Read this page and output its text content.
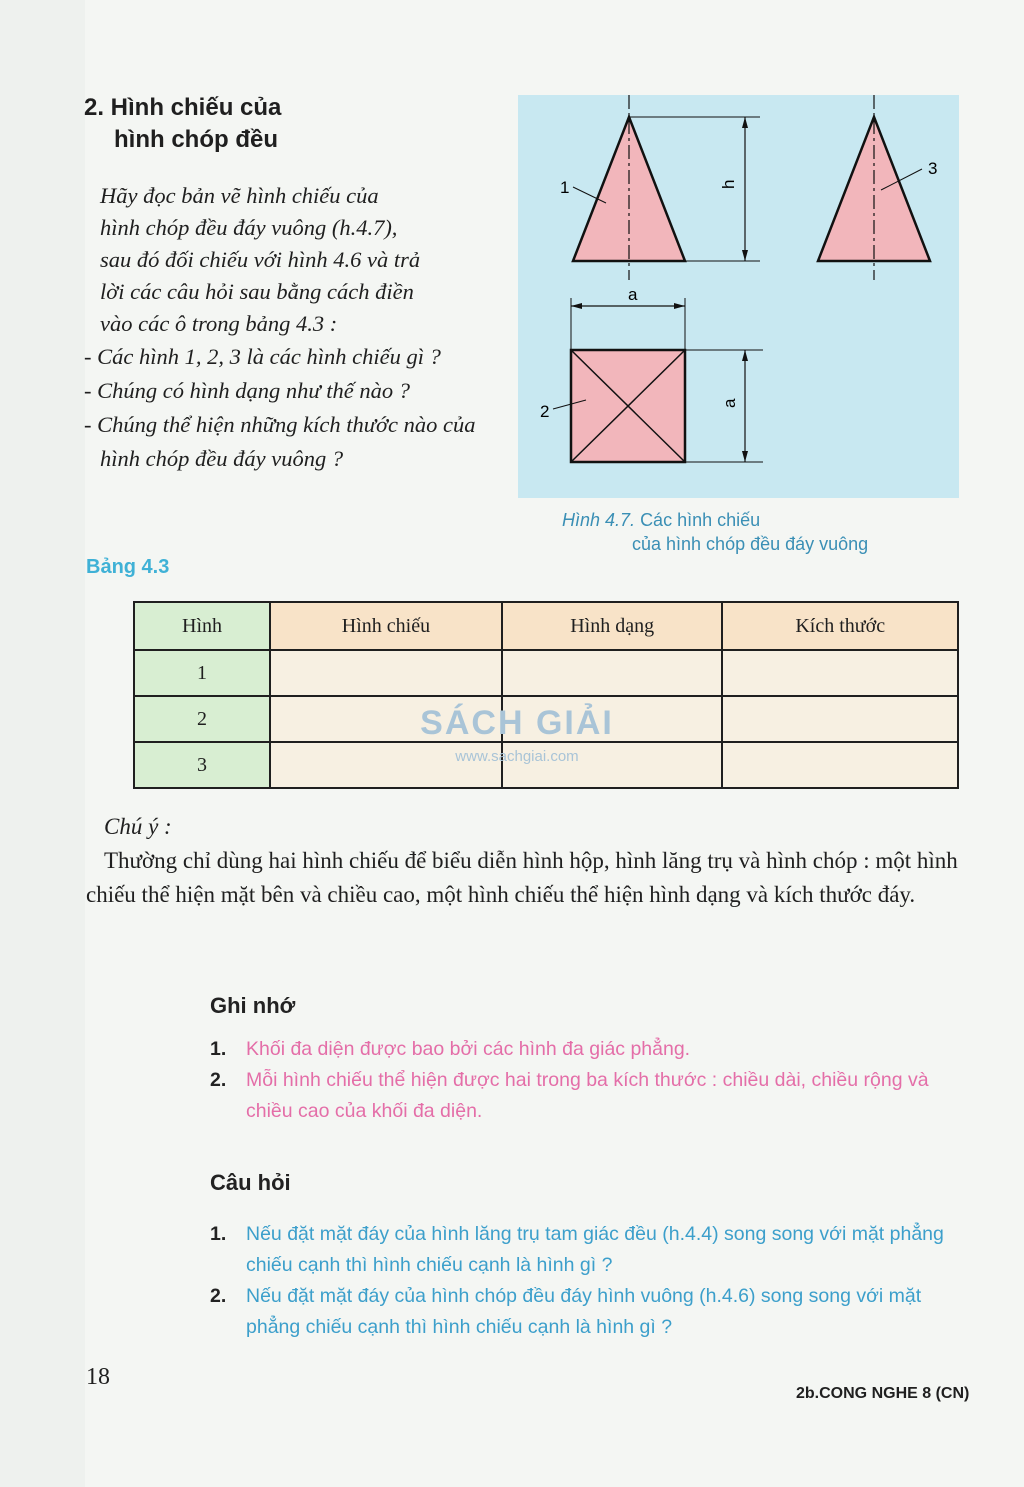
2. Hình chiếu của
hình chóp đều

Hãy đọc bản vẽ hình chiếu của

hình chóp đều đáy vuông (h.4.7),

sau đó đối chiếu với hình 4.6 và trả

lời các câu hỏi sau bằng cách điền

vào các ô trong bảng 4.3 :

- Các hình 1, 2, 3 là các hình chiếu gì ?
- Chúng có hình dạng như thế nào ?
- Chúng thể hiện những kích thước nào của hình chóp đều đáy vuông ?
h
1
3
a
a
2
Hình 4.7. Các hình chiếu
của hình chóp đều đáy vuông
Bảng 4.3
Hình	Hình chiếu	Hình dạng	Kích thước
1			
2			
3			
SÁCH GIẢI
www.sachgiai.com
Chú ý :
Thường chỉ dùng hai hình chiếu để biểu diễn hình hộp, hình lăng trụ và hình chóp : một hình chiếu thể hiện mặt bên và chiều cao, một hình chiếu thể hiện hình dạng và kích thước đáy.
Ghi nhớ
1.	Khối đa diện được bao bởi các hình đa giác phẳng.
2.	Mỗi hình chiếu thể hiện được hai trong ba kích thước : chiều dài, chiều rộng và chiều cao của khối đa diện.
Câu hỏi
1.	Nếu đặt mặt đáy của hình lăng trụ tam giác đều (h.4.4) song song với mặt phẳng chiếu cạnh thì hình chiếu cạnh là hình gì ?
2.	Nếu đặt mặt đáy của hình chóp đều đáy hình vuông (h.4.6) song song với mặt phẳng chiếu cạnh thì hình chiếu cạnh là hình gì ?
18
2b.CONG NGHE 8 (CN)
